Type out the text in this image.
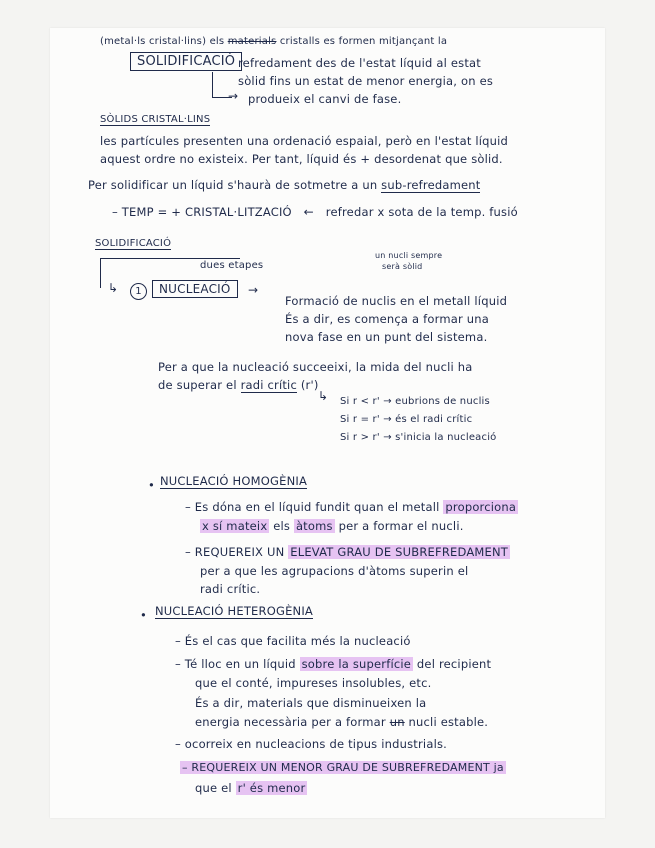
(metal·ls cristal·lins) els materials cristalls es formen mitjançant la
SOLIDIFICACIÓ refredament des de l'estat líquid al estat
sòlid fins un estat de menor energia, on es
→ produeix el canvi de fase.
SÒLIDS CRISTAL·LINS
les partícules presenten una ordenació espaial, però en l'estat líquid
aquest ordre no existeix. Per tant, líquid és + desordenat que sòlid.
Per solidificar un líquid s'haurà de sotmetre a un sub-refredament
– TEMP = + CRISTAL·LITZACIÓ ← refredar x sota de la temp. fusió
SOLIDIFICACIÓ
dues etapes
un nucli sempre
serà sòlid
↳	1	NUCLEACIÓ	→
Formació de nuclis en el metall líquid
És a dir, es comença a formar una
nova fase en un punt del sistema.
Per a que la nucleació succeeixi, la mida del nucli ha
de superar el radi crític (r')
↳ Si r < r' → eubrions de nuclis
Si r = r' → és el radi crític
Si r > r' → s'inicia la nucleació
• NUCLEACIÓ HOMOGÈNIA
– Es dóna en el líquid fundit quan el metall proporciona
x sí mateix els àtoms per a formar el nucli.
– REQUEREIX UN ELEVAT GRAU DE SUBREFREDAMENT
per a que les agrupacions d'àtoms superin el
radi crític.
• NUCLEACIÓ HETEROGÈNIA
– És el cas que facilita més la nucleació
– Té lloc en un líquid sobre la superfície del recipient
que el conté, impureses insolubles, etc.
És a dir, materials que disminueixen la
energia necessària per a formar un nucli estable.
– ocorreix en nucleacions de tipus industrials.
– REQUEREIX UN MENOR GRAU DE SUBREFREDAMENT ja
que el r' és menor
